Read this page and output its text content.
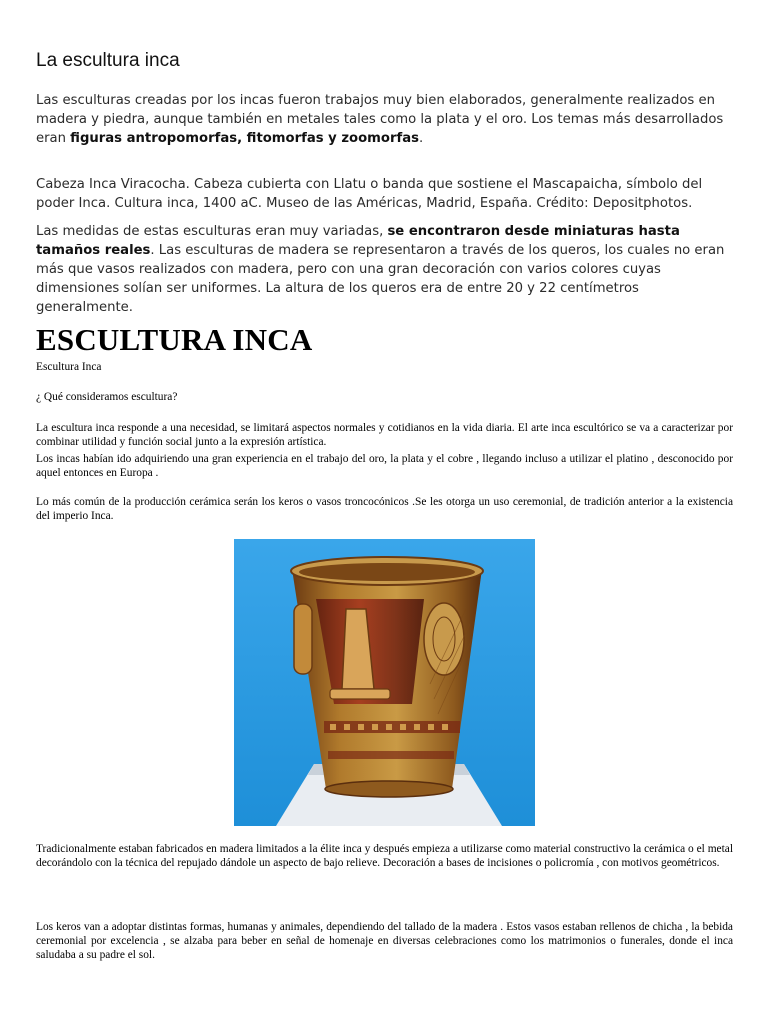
La escultura inca

Las esculturas creadas por los incas fueron trabajos muy bien elaborados, generalmente realizados en madera y piedra, aunque también en metales tales como la plata y el oro. Los temas más desarrollados eran figuras antropomorfas, fitomorfas y zoomorfas.

Cabeza Inca Viracocha. Cabeza cubierta con Llatu o banda que sostiene el Mascapaicha, símbolo del poder Inca. Cultura inca, 1400 aC. Museo de las Américas, Madrid, España. Crédito: Depositphotos.

Las medidas de estas esculturas eran muy variadas, se encontraron desde miniaturas hasta tamaños reales. Las esculturas de madera se representaron a través de los queros, los cuales no eran más que vasos realizados con madera, pero con una gran decoración con varios colores cuyas dimensiones solían ser uniformes. La altura de los queros era de entre 20 y 22 centímetros generalmente.

ESCULTURA INCA

Escultura Inca

¿ Qué consideramos escultura?

La escultura inca responde a una necesidad, se limitará aspectos normales y cotidianos en la vida diaria. El arte inca escultórico se va a caracterizar por combinar utilidad y función social junto a la expresión artística.

Los incas habían ido adquiriendo una gran experiencia en el trabajo del oro, la plata y el cobre , llegando incluso a utilizar el platino , desconocido por aquel entonces en Europa .

Lo más común de la producción cerámica serán los keros o vasos troncocónicos .Se les otorga un uso ceremonial, de tradición anterior a la existencia del imperio Inca.

Tradicionalmente estaban fabricados en madera limitados a la élite inca y después empieza a utilizarse como material constructivo la cerámica o el metal decorándolo con la técnica del repujado dándole un aspecto de bajo relieve. Decoración a bases de incisiones o policromía , con motivos geométricos.

Los keros van a adoptar distintas formas, humanas y animales, dependiendo del tallado de la madera . Estos vasos estaban rellenos de chicha , la bebida ceremonial por excelencia , se alzaba para beber en señal de homenaje en diversas celebraciones como los matrimonios o funerales, donde el inca saludaba a su padre el sol.
